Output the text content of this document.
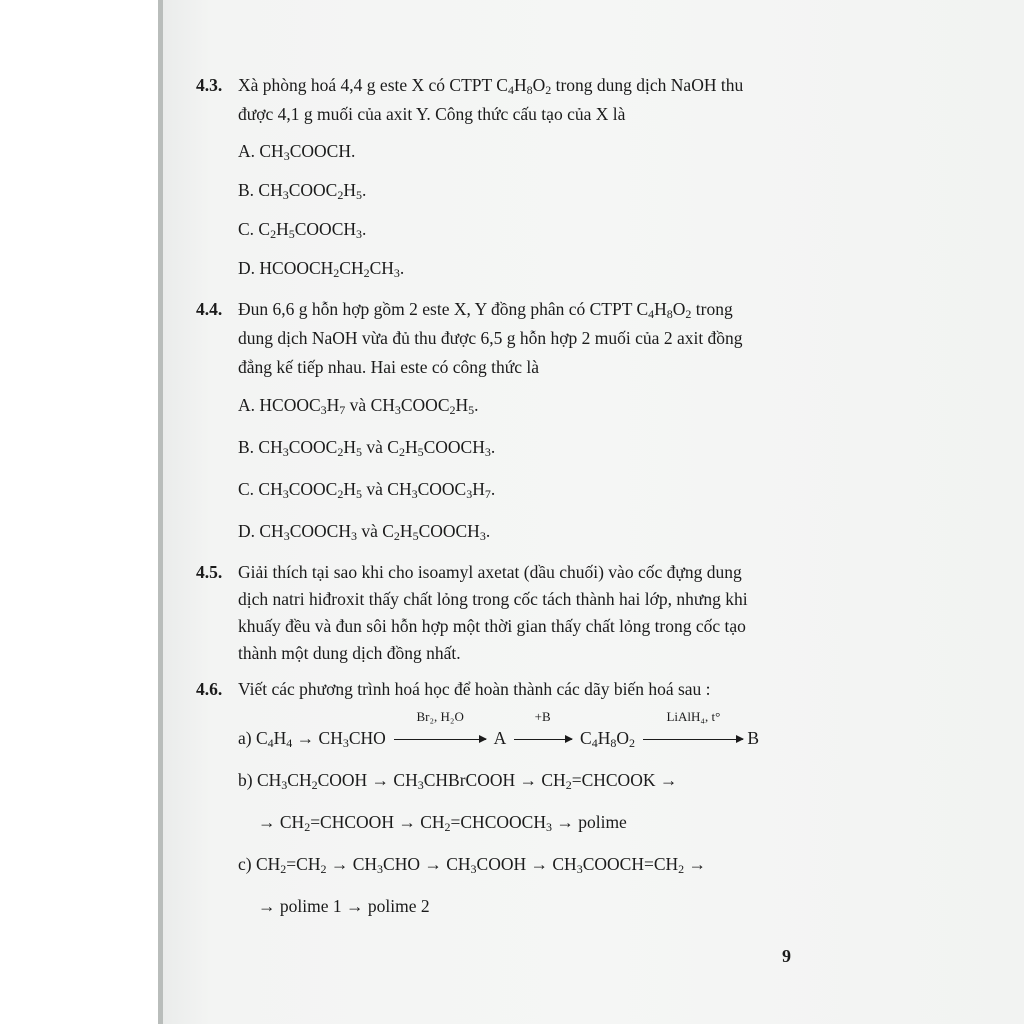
4.3. Xà phòng hoá 4,4 g este X có CTPT $C_4H_8O_2$ trong dung dịch NaOH thu
được 4,1 g muối của axit Y. Công thức cấu tạo của X là
A. $CH_3COOCH$.
B. $CH_3COOC_2H_5$.
C. $C_2H_5COOCH_3$.
D. $HCOOCH_2CH_2CH_3$.
4.4. Đun 6,6 g hỗn hợp gồm 2 este X, Y đồng phân có CTPT $C_4H_8O_2$ trong
dung dịch NaOH vừa đủ thu được 6,5 g hỗn hợp 2 muối của 2 axit đồng
đẳng kế tiếp nhau. Hai este có công thức là
A. $HCOOC_3H_7$ và $CH_3COOC_2H_5$.
B. $CH_3COOC_2H_5$ và $C_2H_5COOCH_3$.
C. $CH_3COOC_2H_5$ và $CH_3COOC_3H_7$.
D. $CH_3COOCH_3$ và $C_2H_5COOCH_3$.
4.5. Giải thích tại sao khi cho isoamyl axetat (dầu chuối) vào cốc đựng dung
dịch natri hiđroxit thấy chất lỏng trong cốc tách thành hai lớp, nhưng khi
khuấy đều và đun sôi hỗn hợp một thời gian thấy chất lỏng trong cốc tạo
thành một dung dịch đồng nhất.
4.6. Viết các phương trình hoá học để hoàn thành các dãy biến hoá sau :
a) $C_4H_4 \to CH_3CHO$
Br₂, H₂O
A
+B
$C_4H_8O_2$
LiAlH₄, t°
B
b) $CH_3CH_2COOH$ → $CH_3CHBrCOOH$ → $CH_2=CHCOOK$ →
→ $CH_2=CHCOOH$ → $CH_2=CHCOOCH_3 \to polime$
c) $CH_2=CH_2 \to CH_3CHO$ → $CH_3COOH$ → $CH_3COOCH=CH_2$ →
→ polime 1 → polime 2
9
